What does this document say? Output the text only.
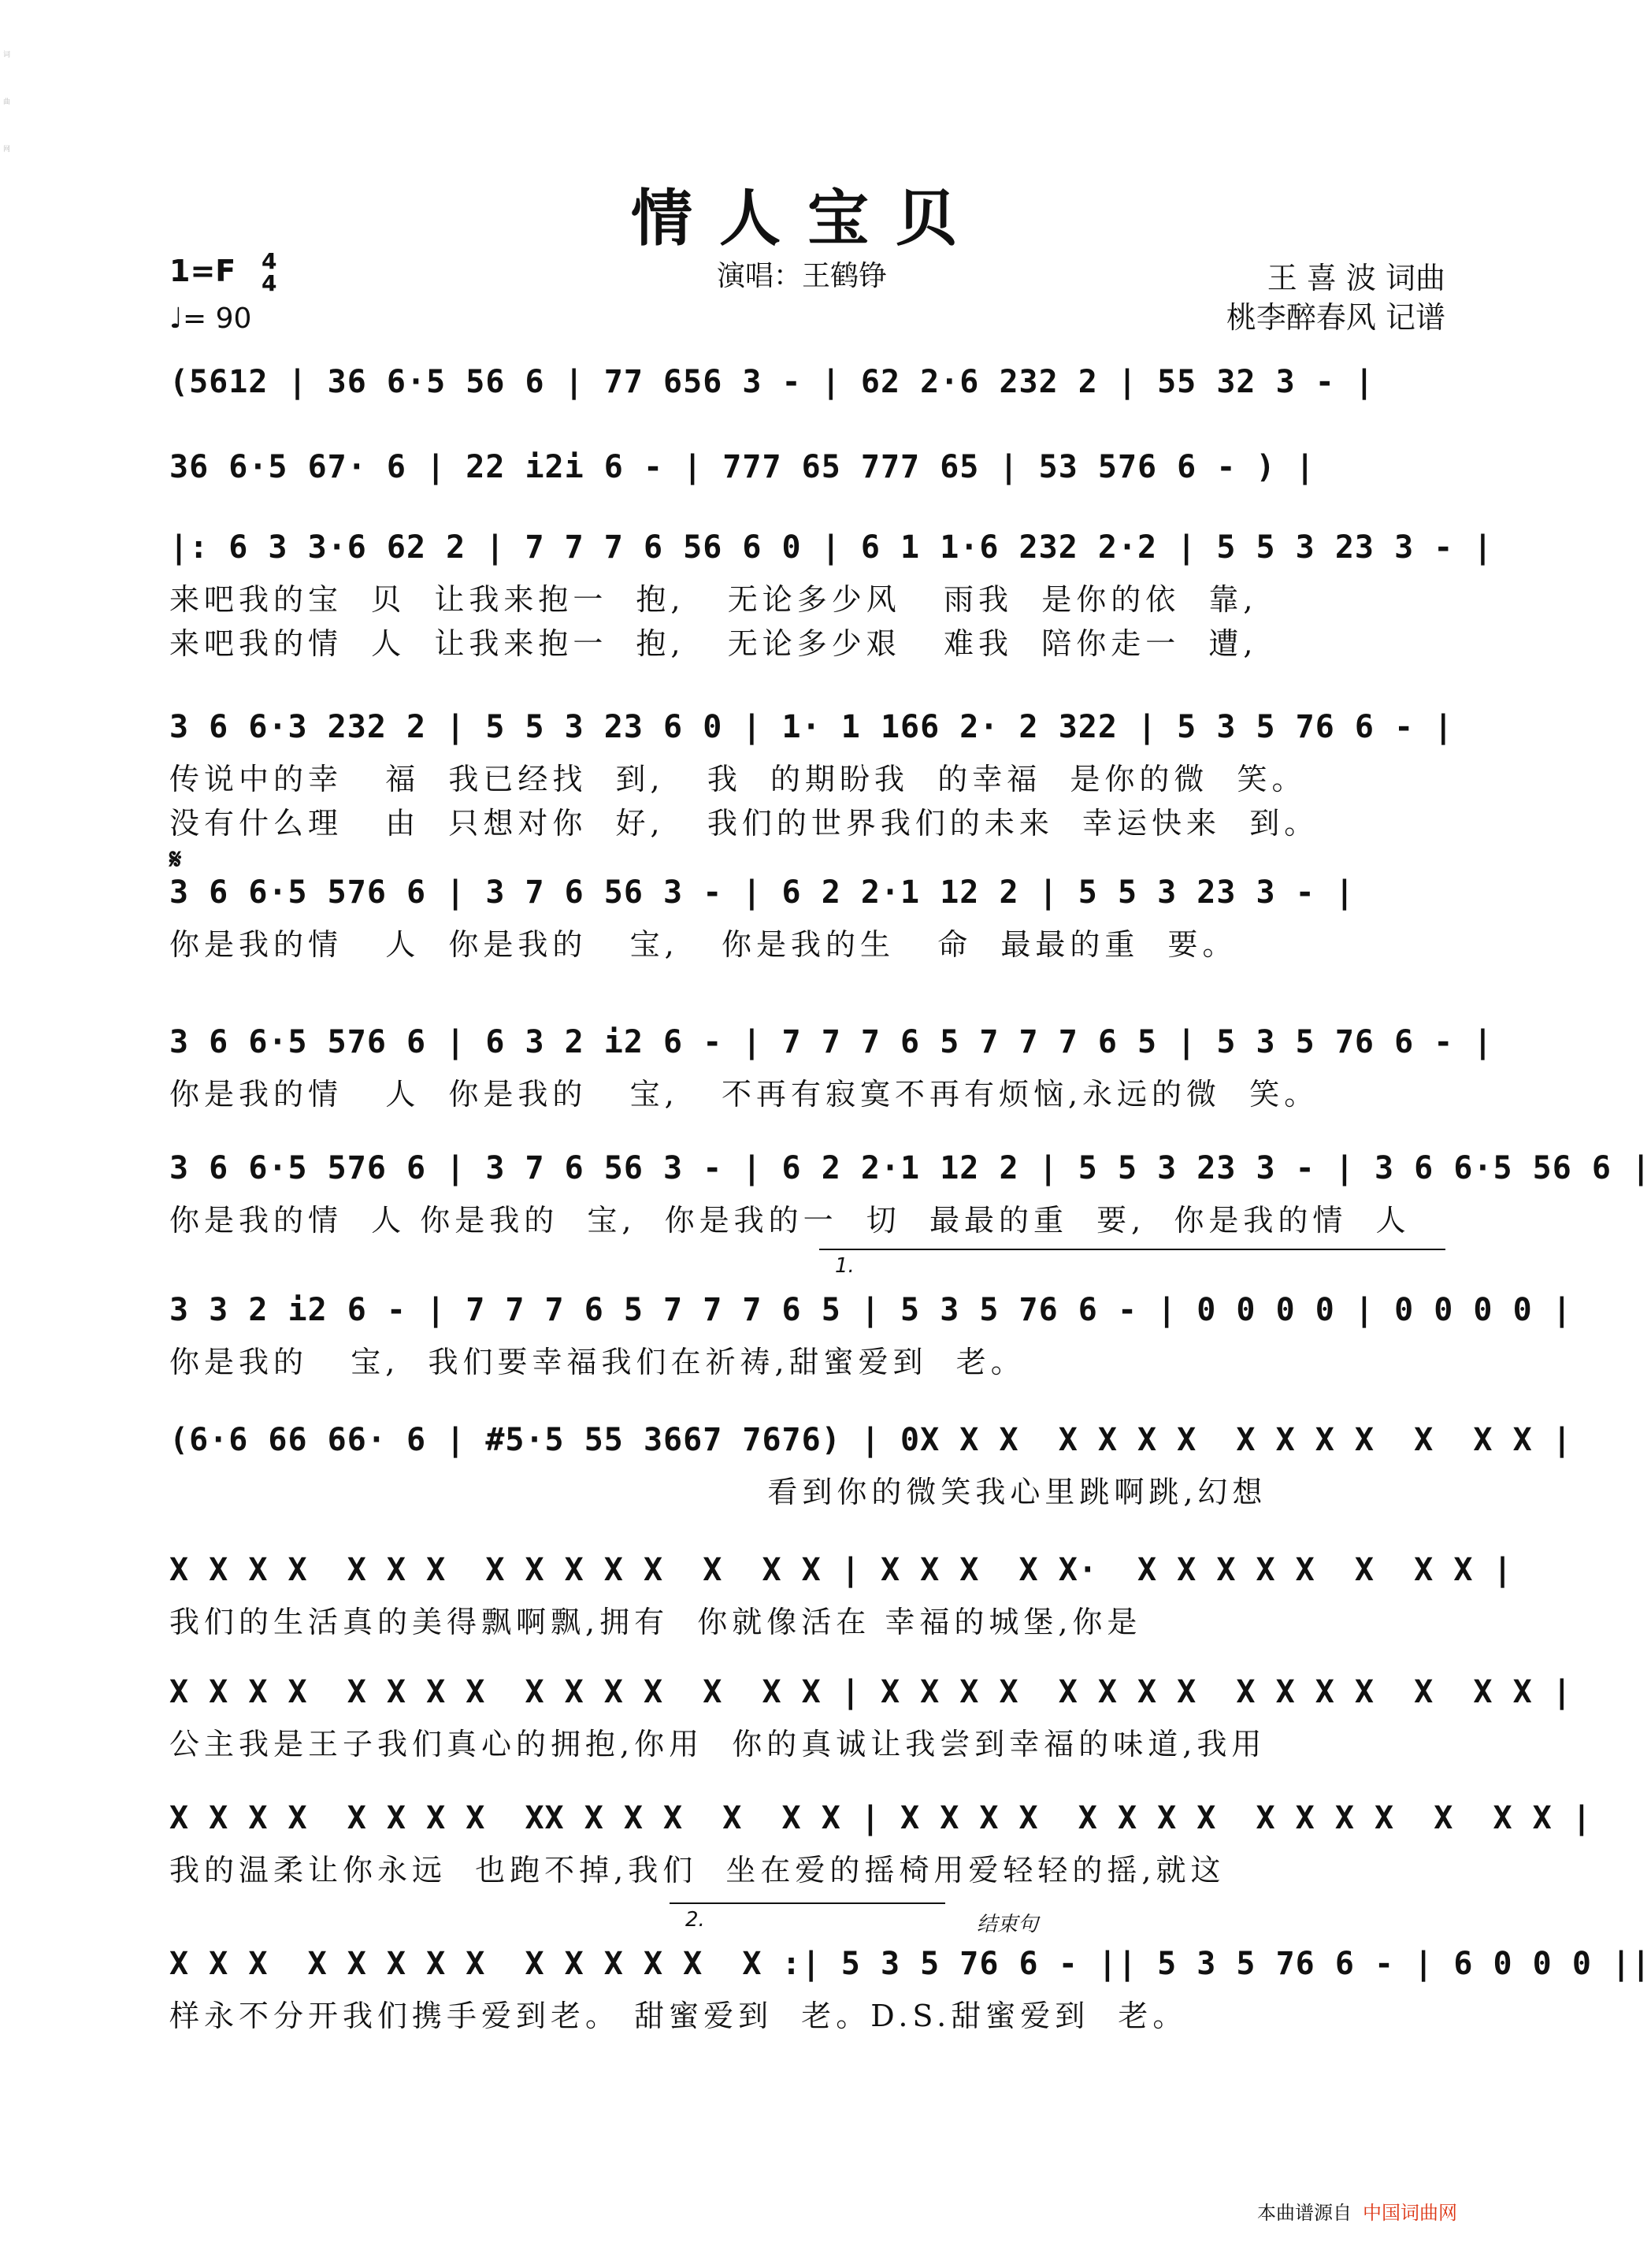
词曲网
情人宝贝
1=F 4
4
♩= 90
演唱：王鹤铮	王 喜 波 词曲
桃李醉春风 记谱
(5612 | 36 6·5 56 6 | 77 656 3 - | 62 2·6 232 2 | 55 32 3 - |
36 6·5 67· 6 | 22 i2i 6 - | 777 65 777 65 | 53 576 6 - ) |
|: 6 3 3·6 62 2 | 7 7 7 6 56 6 0 | 6 1 1·6 232 2·2 | 5 5 3 23 3 - |
来吧我的宝  贝  让我来抱一  抱,   无论多少风   雨我  是你的依  靠,
来吧我的情  人  让我来抱一  抱,   无论多少艰   难我  陪你走一  遭,
3 6 6·3 232 2 | 5 5 3 23 6 0 | 1· 1 166 2· 2 322 | 5 3 5 76 6 - |
传说中的幸   福  我已经找  到,   我  的期盼我  的幸福  是你的微  笑。
没有什么理   由  只想对你  好,   我们的世界我们的未来  幸运快来  到。
3 6 6·5 576 6 | 3 7 6 56 3 - | 6 2 2·1 12 2 | 5 5 3 23 3 - |
你是我的情   人  你是我的   宝,   你是我的生   命  最最的重  要。
3 6 6·5 576 6 | 6 3 2 i2 6 - | 7 7 7 6 5 7 7 7 6 5 | 5 3 5 76 6 - |
你是我的情   人  你是我的   宝,   不再有寂寞不再有烦恼,永远的微  笑。
3 6 6·5 576 6 | 3 7 6 56 3 - | 6 2 2·1 12 2 | 5 5 3 23 3 - | 3 6 6·5 56 6 |
你是我的情  人 你是我的  宝,  你是我的一  切  最最的重  要,  你是我的情  人
3 3 2 i2 6 - | 7 7 7 6 5 7 7 7 6 5 | 5 3 5 76 6 - | 0 0 0 0 | 0 0 0 0 |
1.
你是我的   宝,  我们要幸福我们在祈祷,甜蜜爱到  老。
(6·6 66 66· 6 | #5·5 55 3667 7676) | 0X X X  X X X X  X X X X  X  X X |
看到你的微笑我心里跳啊跳,幻想
X X X X  X X X  X X X X X  X  X X | X X X  X X·  X X X X X  X  X X |
我们的生活真的美得飘啊飘,拥有  你就像活在 幸福的城堡,你是
X X X X  X X X X  X X X X  X  X X | X X X X  X X X X  X X X X  X  X X |
公主我是王子我们真心的拥抱,你用  你的真诚让我尝到幸福的味道,我用
X X X X  X X X X  XX X X X  X  X X | X X X X  X X X X  X X X X  X  X X |
我的温柔让你永远  也跑不掉,我们  坐在爱的摇椅用爱轻轻的摇,就这
X X X  X X X X X  X X X X X  X :| 5 3 5 76 6 - || 5 3 5 76 6 - | 6 0 0 0 ||
2.	结束句
样永不分开我们携手爱到老。 甜蜜爱到  老。D.S.甜蜜爱到  老。
𝄋
本曲谱源自 中国词曲网
